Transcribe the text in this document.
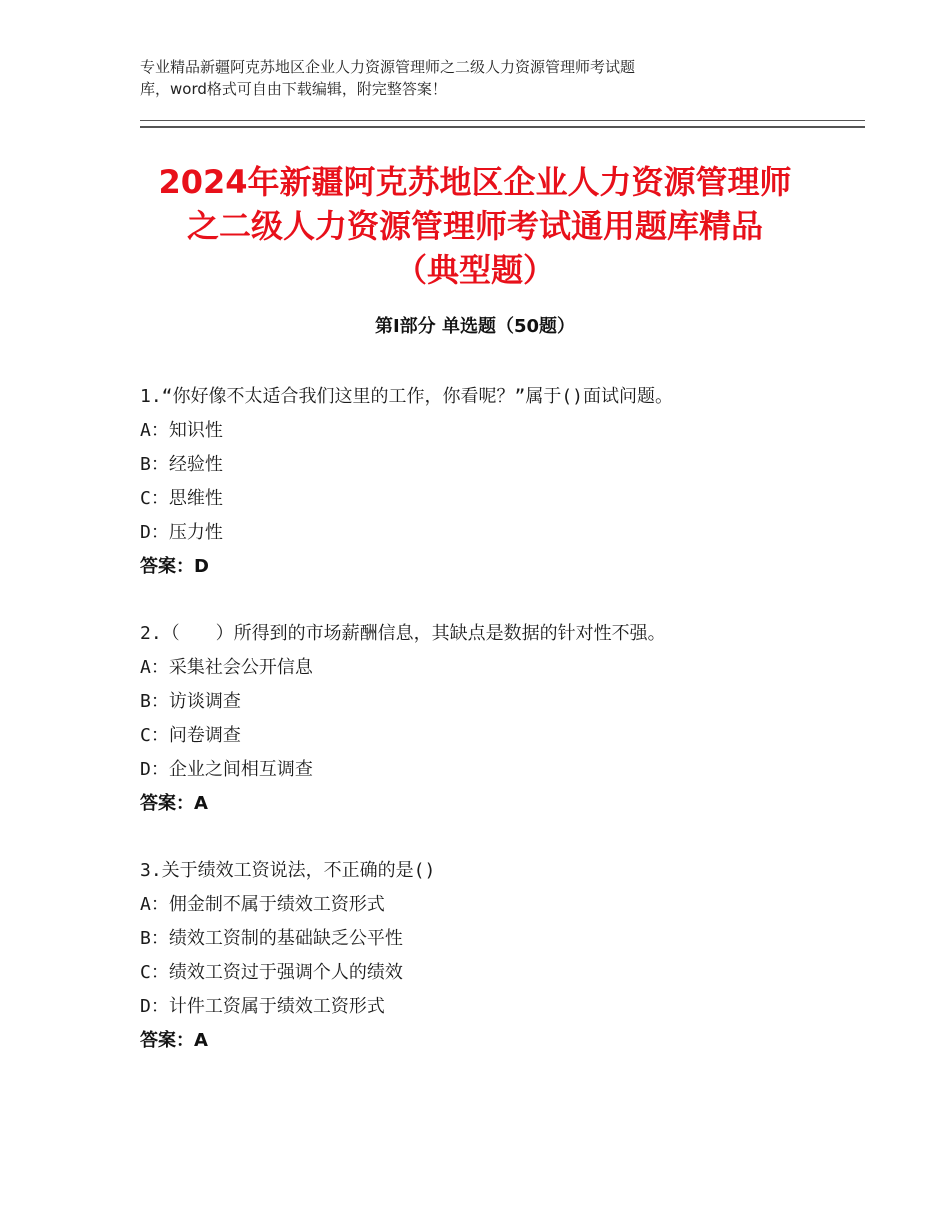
专业精品新疆阿克苏地区企业人力资源管理师之二级人力资源管理师考试题
库，word格式可自由下载编辑，附完整答案！
2024年新疆阿克苏地区企业人力资源管理师
之二级人力资源管理师考试通用题库精品
（典型题）
第Ⅰ部分 单选题（50题）
1.“你好像不太适合我们这里的工作，你看呢？”属于()面试问题。
A：知识性
B：经验性
C：思维性
D：压力性
答案：D
2.（　　）所得到的市场薪酬信息，其缺点是数据的针对性不强。
A：采集社会公开信息
B：访谈调查
C：问卷调查
D：企业之间相互调查
答案：A
3.关于绩效工资说法，不正确的是()
A：佣金制不属于绩效工资形式
B：绩效工资制的基础缺乏公平性
C：绩效工资过于强调个人的绩效
D：计件工资属于绩效工资形式
答案：A
